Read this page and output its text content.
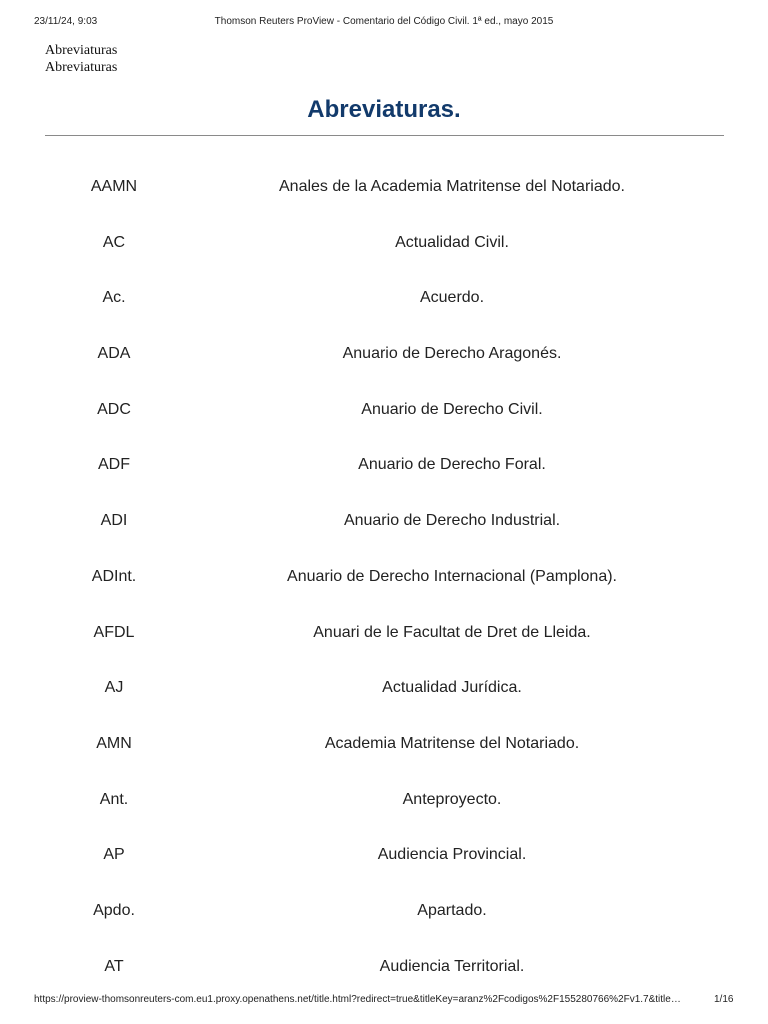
23/11/24, 9:03	Thomson Reuters ProView - Comentario del Código Civil. 1ª ed., mayo 2015
Abreviaturas
Abreviaturas
Abreviaturas.
AAMN	Anales de la Academia Matritense del Notariado.
AC	Actualidad Civil.
Ac.	Acuerdo.
ADA	Anuario de Derecho Aragonés.
ADC	Anuario de Derecho Civil.
ADF	Anuario de Derecho Foral.
ADI	Anuario de Derecho Industrial.
ADInt.	Anuario de Derecho Internacional (Pamplona).
AFDL	Anuari de le Facultat de Dret de Lleida.
AJ	Actualidad Jurídica.
AMN	Academia Matritense del Notariado.
Ant.	Anteproyecto.
AP	Audiencia Provincial.
Apdo.	Apartado.
AT	Audiencia Territorial.
https://proview-thomsonreuters-com.eu1.proxy.openathens.net/title.html?redirect=true&titleKey=aranz%2Fcodigos%2F155280766%2Fv1.7&title…	1/16
